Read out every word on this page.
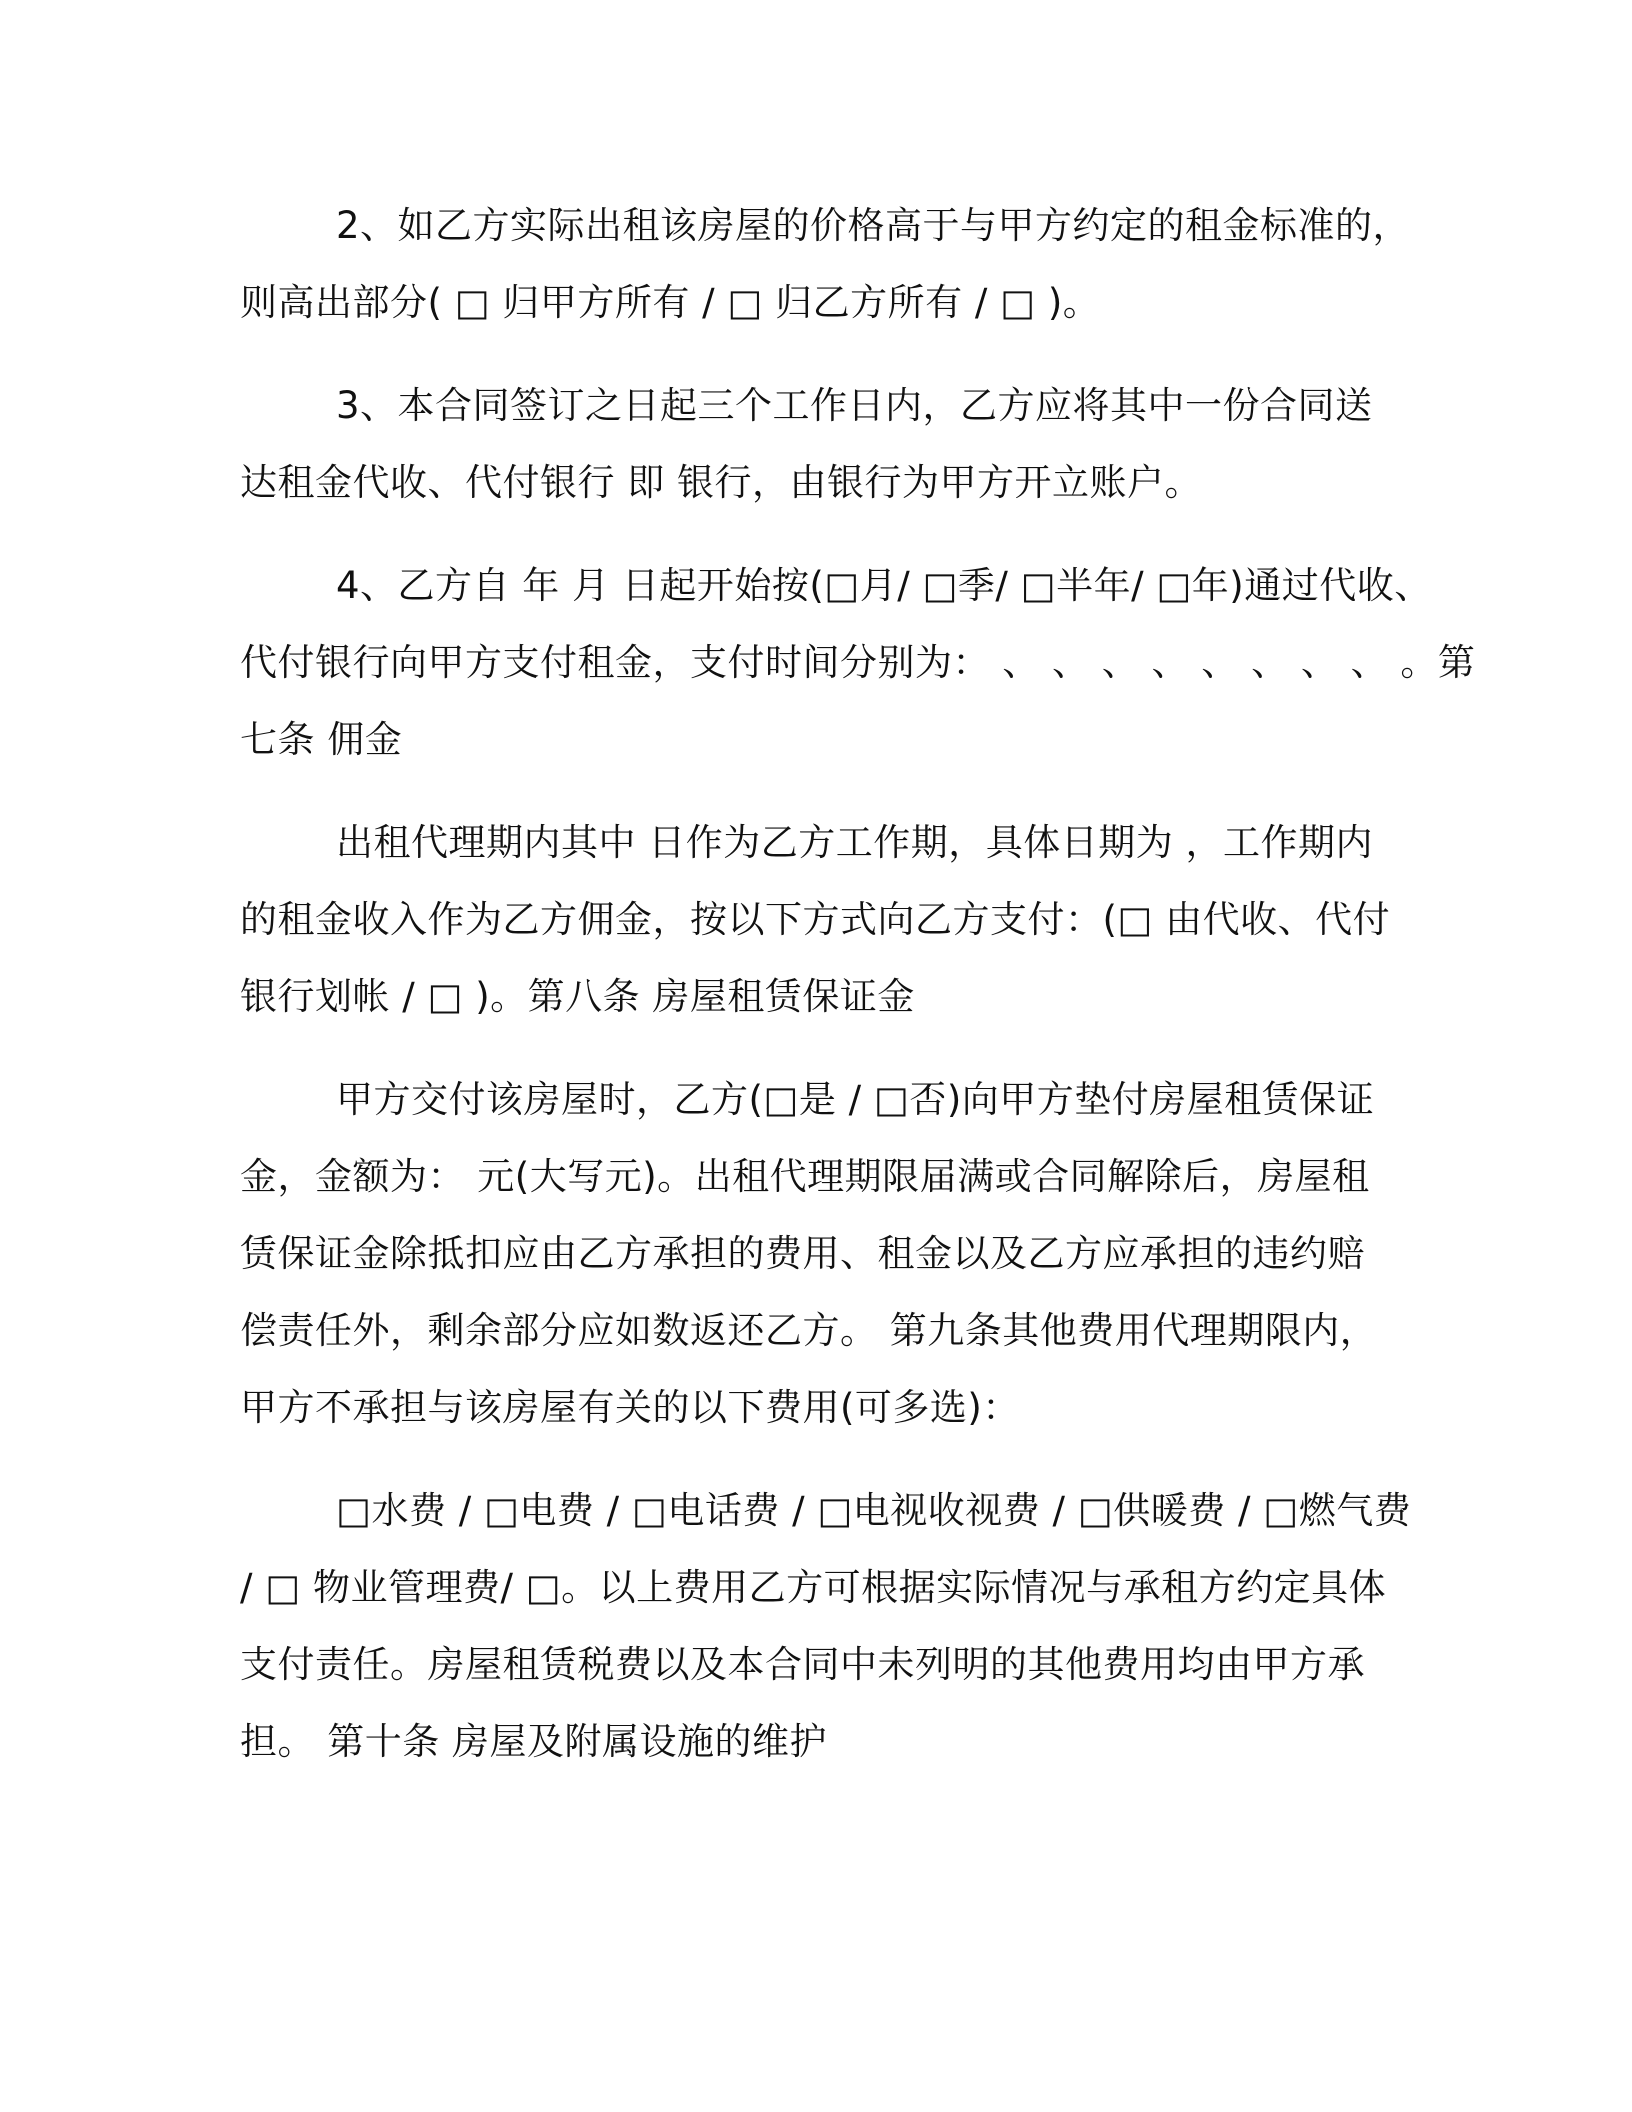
2、如乙方实际出租该房屋的价格高于与甲方约定的租金标准的，
则高出部分( □ 归甲方所有 / □ 归乙方所有 / □ )。
3、本合同签订之日起三个工作日内，乙方应将其中一份合同送
达租金代收、代付银行 即 银行，由银行为甲方开立账户。
4、乙方自 年 月 日起开始按(□月/ □季/ □半年/ □年)通过代收、
代付银行向甲方支付租金，支付时间分别为： 、 、 、 、 、 、 、 、 。第
七条 佣金
出租代理期内其中 日作为乙方工作期，具体日期为 ，工作期内
的租金收入作为乙方佣金，按以下方式向乙方支付：(□ 由代收、代付
银行划帐 / □ )。第八条 房屋租赁保证金
甲方交付该房屋时，乙方(□是 / □否)向甲方垫付房屋租赁保证
金，金额为： 元(大写元)。出租代理期限届满或合同解除后，房屋租
赁保证金除抵扣应由乙方承担的费用、租金以及乙方应承担的违约赔
偿责任外，剩余部分应如数返还乙方。 第九条其他费用代理期限内，
甲方不承担与该房屋有关的以下费用(可多选)：
□水费 / □电费 / □电话费 / □电视收视费 / □供暖费 / □燃气费
/ □ 物业管理费/ □。以上费用乙方可根据实际情况与承租方约定具体
支付责任。房屋租赁税费以及本合同中未列明的其他费用均由甲方承
担。 第十条 房屋及附属设施的维护
